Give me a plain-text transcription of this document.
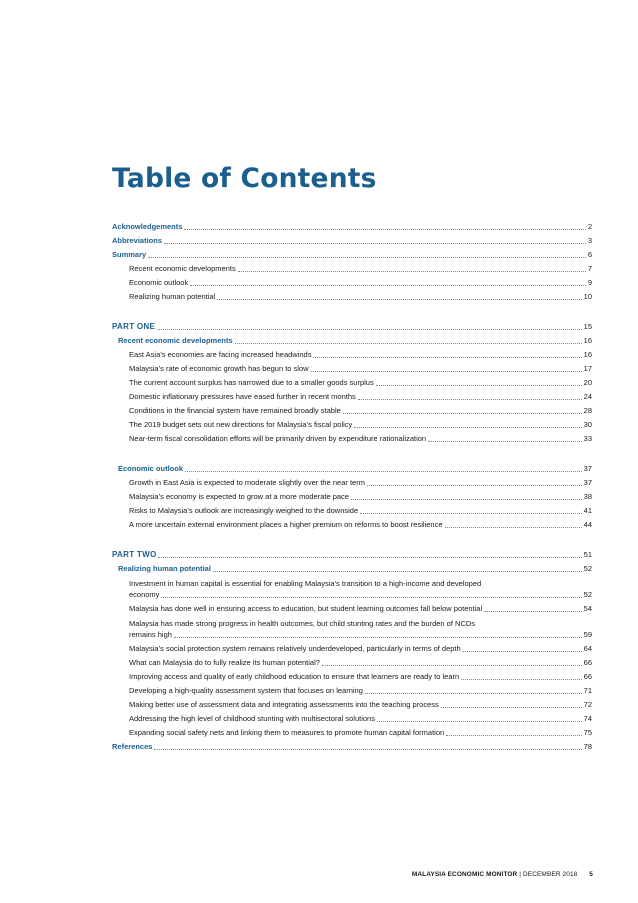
Table of Contents
Acknowledgements	2
Abbreviations	3
Summary	6
Recent economic developments	7
Economic outlook	9
Realizing human potential	10
PART ONE	15
Recent economic developments	16
East Asia’s economies are facing increased headwinds	16
Malaysia’s rate of economic growth has begun to slow	17
The current account surplus has narrowed due to a smaller goods surplus	20
Domestic inflationary pressures have eased further in recent months	24
Conditions in the financial system have remained broadly stable	28
The 2019 budget sets out new directions for Malaysia’s fiscal policy	30
Near-term fiscal consolidation efforts will be primarily driven by expenditure rationalization	33
Economic outlook	37
Growth in East Asia is expected to moderate slightly over the near term	37
Malaysia’s economy is expected to grow at a more moderate pace	38
Risks to Malaysia’s outlook are increasingly weighed to the downside	41
A more uncertain external environment places a higher premium on reforms to boost resilience	44
PART TWO	51
Realizing human potential	52
Investment in human capital is essential for enabling Malaysia’s transition to a high-income and developed
economy	52
Malaysia has done well in ensuring access to education, but student learning outcomes fall below potential	54
Malaysia has made strong progress in health outcomes, but child stunting rates and the burden of NCDs
remains high	59
Malaysia’s social protection system remains relatively underdeveloped, particularly in terms of depth	64
What can Malaysia do to fully realize its human potential?	66
Improving access and quality of early childhood education to ensure that learners are ready to learn	66
Developing a high-quality assessment system that focuses on learning	71
Making better use of assessment data and integrating assessments into the teaching process	72
Addressing the high level of childhood stunting with multisectoral solutions	74
Expanding social safety nets and linking them to measures to promote human capital formation	75
References	78
MALAYSIA ECONOMIC MONITOR | DECEMBER 2018 5
